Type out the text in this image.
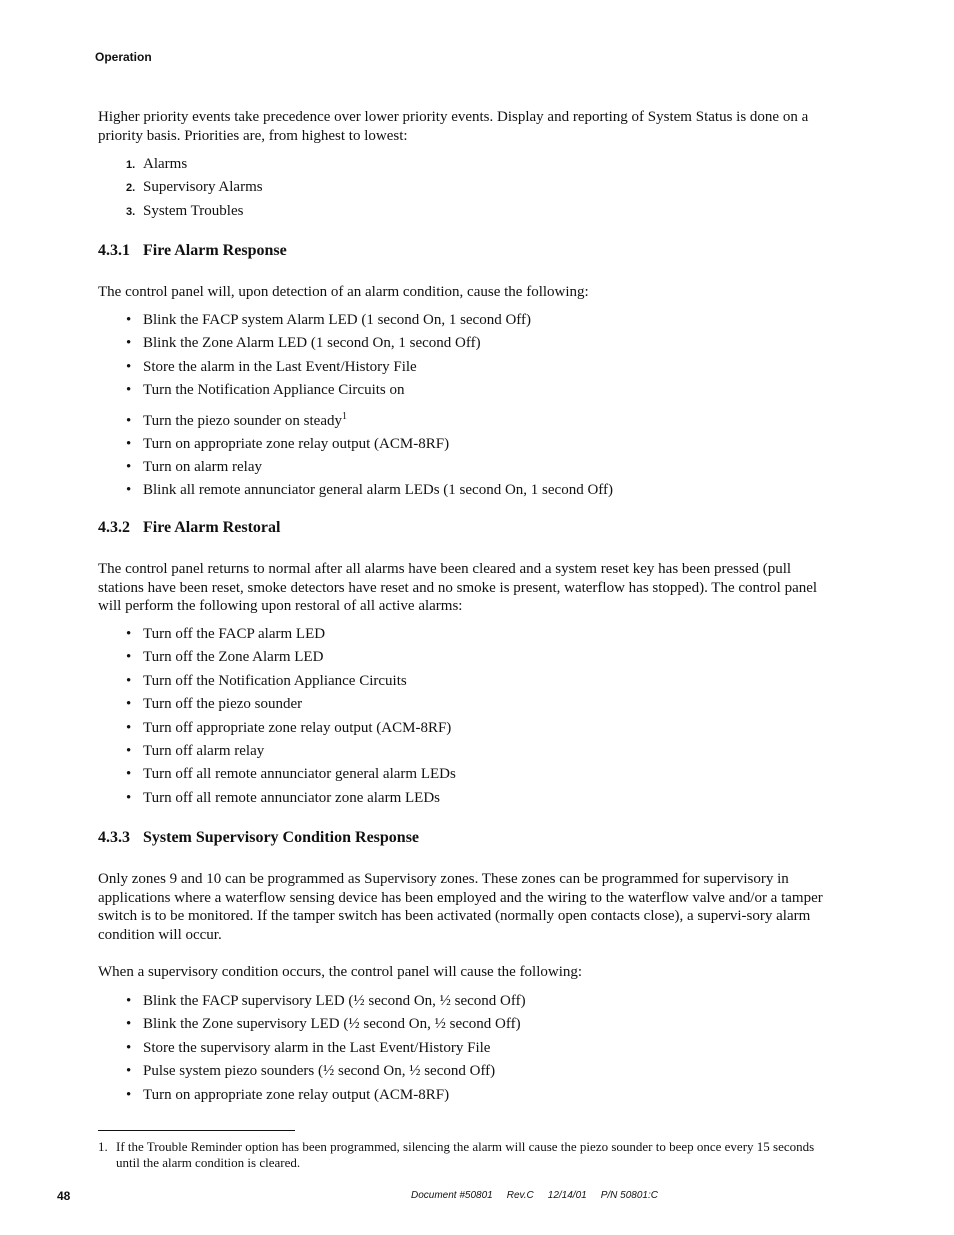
Operation

Higher priority events take precedence over lower priority events. Display and reporting of System Status is done on a priority basis. Priorities are, from highest to lowest:

1. Alarms
2. Supervisory Alarms
3. System Troubles
4.3.1 Fire Alarm Response

The control panel will, upon detection of an alarm condition, cause the following:

• Blink the FACP system Alarm LED (1 second On, 1 second Off)
• Blink the Zone Alarm LED (1 second On, 1 second Off)
• Store the alarm in the Last Event/History File
• Turn the Notification Appliance Circuits on
• Turn the piezo sounder on steady$^1$
• Turn on appropriate zone relay output (ACM-8RF)
• Turn on alarm relay
• Blink all remote annunciator general alarm LEDs (1 second On, 1 second Off)
4.3.2 Fire Alarm Restoral

The control panel returns to normal after all alarms have been cleared and a system reset key has been pressed (pull stations have been reset, smoke detectors have reset and no smoke is present, waterflow has stopped). The control panel will perform the following upon restoral of all active alarms:

• Turn off the FACP alarm LED
• Turn off the Zone Alarm LED
• Turn off the Notification Appliance Circuits
• Turn off the piezo sounder
• Turn off appropriate zone relay output (ACM-8RF)
• Turn off alarm relay
• Turn off all remote annunciator general alarm LEDs
• Turn off all remote annunciator zone alarm LEDs
4.3.3 System Supervisory Condition Response

Only zones 9 and 10 can be programmed as Supervisory zones. These zones can be programmed for supervisory in applications where a waterflow sensing device has been employed and the wiring to the waterflow valve and/or a tamper switch is to be monitored. If the tamper switch has been activated (normally open contacts close), a supervi-sory alarm condition will occur.

When a supervisory condition occurs, the control panel will cause the following:

• Blink the FACP supervisory LED (½ second On, ½ second Off)
• Blink the Zone supervisory LED (½ second On, ½ second Off)
• Store the supervisory alarm in the Last Event/History File
• Pulse system piezo sounders (½ second On, ½ second Off)
• Turn on appropriate zone relay output (ACM-8RF)
1. If the Trouble Reminder option has been programmed, silencing the alarm will cause the piezo sounder to beep once every 15 seconds until the alarm condition is cleared.
48	Document #50801 Rev.C 12/14/01 P/N 50801:C
